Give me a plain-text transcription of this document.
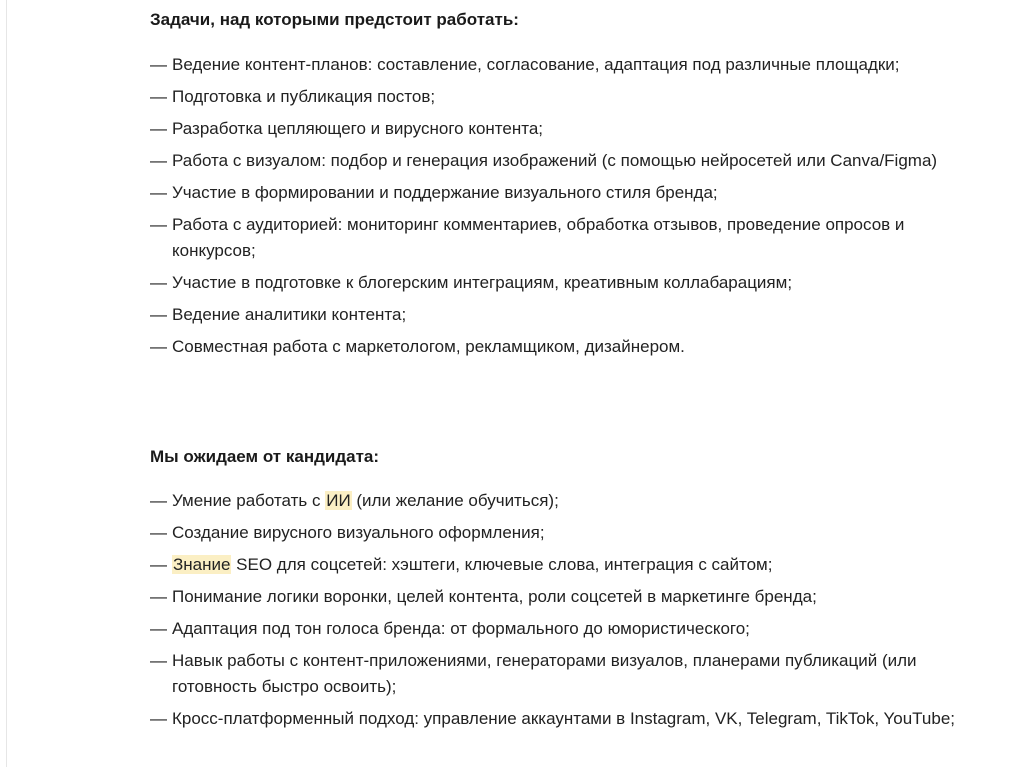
Задачи, над которыми предстоит работать:
— Ведение контент-планов: составление, согласование, адаптация под различные площадки;
— Подготовка и публикация постов;
— Разработка цепляющего и вирусного контента;
— Работа с визуалом: подбор и генерация изображений (с помощью нейросетей или Canva/Figma)
— Участие в формировании и поддержание визуального стиля бренда;
— Работа с аудиторией: мониторинг комментариев, обработка отзывов, проведение опросов и конкурсов;
— Участие в подготовке к блогерским интеграциям, креативным коллабарациям;
— Ведение аналитики контента;
— Совместная работа с маркетологом, рекламщиком, дизайнером.
Мы ожидаем от кандидата:
— Умение работать с ИИ (или желание обучиться);
— Создание вирусного визуального оформления;
— Знание SEO для соцсетей: хэштеги, ключевые слова, интеграция с сайтом;
— Понимание логики воронки, целей контента, роли соцсетей в маркетинге бренда;
— Адаптация под тон голоса бренда: от формального до юмористического;
— Навык работы с контент-приложениями, генераторами визуалов, планерами публикаций (или готовность быстро освоить);
— Кросс-платформенный подход: управление аккаунтами в Instagram, VK, Telegram, TikTok, YouTube;
